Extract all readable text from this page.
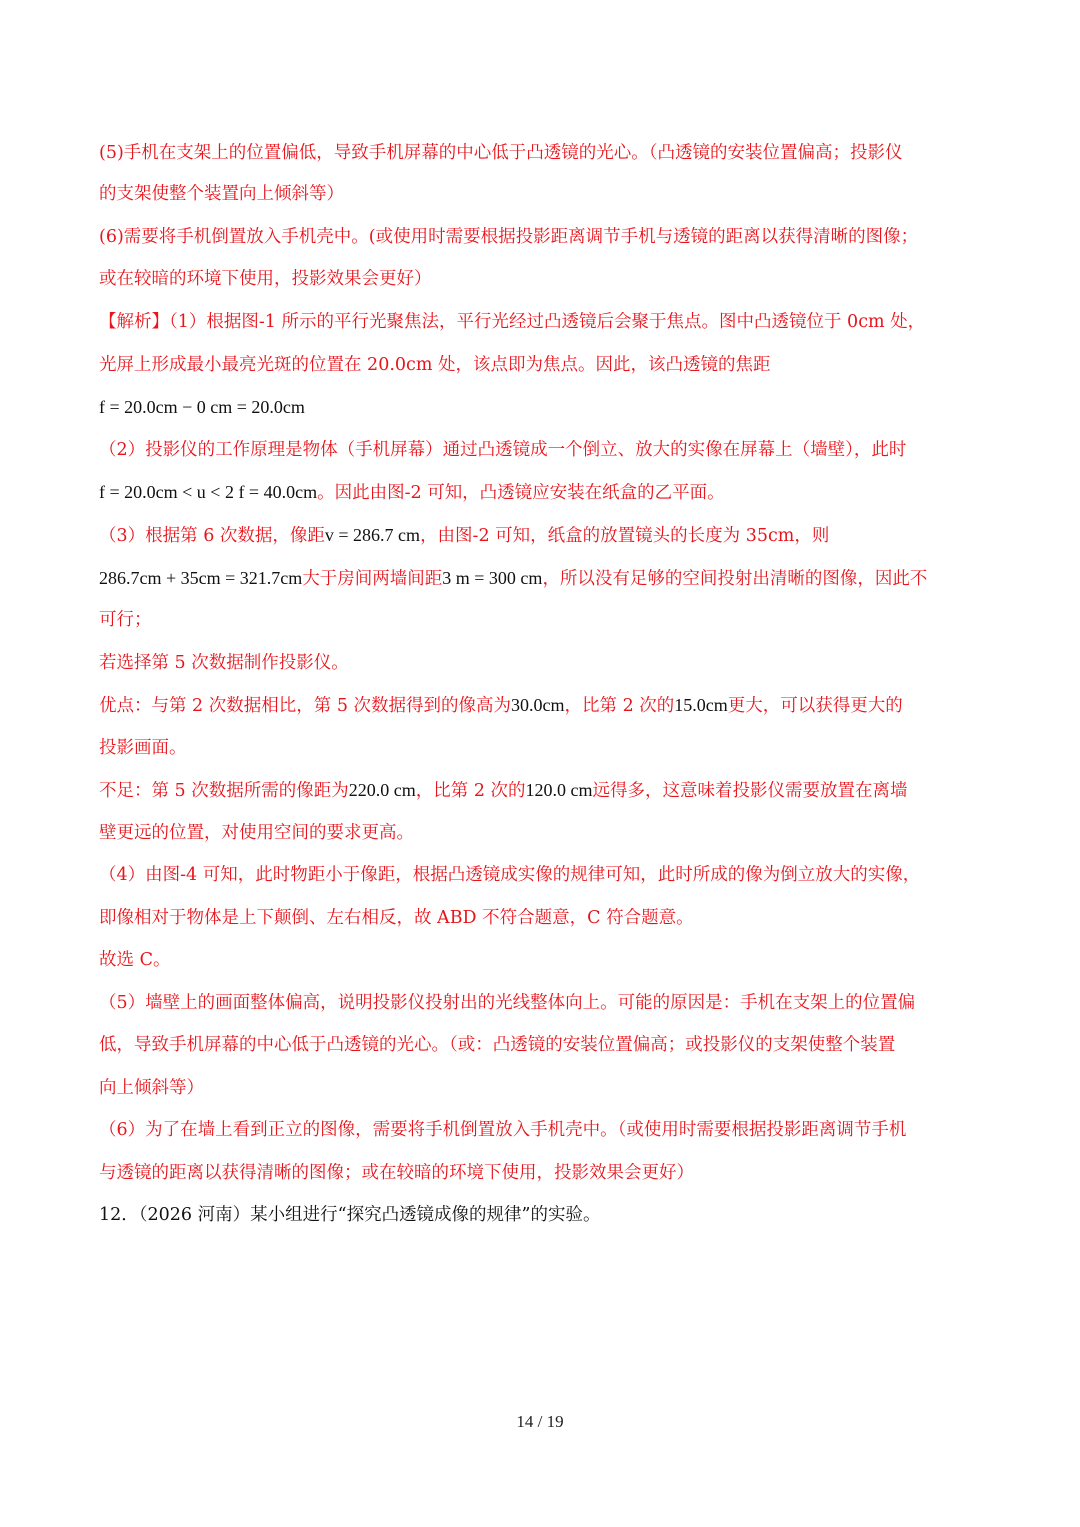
(5)手机在支架上的位置偏低，导致手机屏幕的中心低于凸透镜的光心。（凸透镜的安装位置偏高；投影仪
的支架使整个装置向上倾斜等）
(6)需要将手机倒置放入手机壳中。(或使用时需要根据投影距离调节手机与透镜的距离以获得清晰的图像；
或在较暗的环境下使用，投影效果会更好）
【解析】（1）根据图-1 所示的平行光聚焦法，平行光经过凸透镜后会聚于焦点。图中凸透镜位于 0cm 处，
光屏上形成最小最亮光斑的位置在 20.0cm 处，该点即为焦点。因此，该凸透镜的焦距
f = 20.0cm − 0 cm = 20.0cm
（2）投影仪的工作原理是物体（手机屏幕）通过凸透镜成一个倒立、放大的实像在屏幕上（墙壁），此时
f = 20.0cm < u < 2 f = 40.0cm。因此由图-2 可知，凸透镜应安装在纸盒的乙平面。
（3）根据第 6 次数据，像距v = 286.7 cm，由图-2 可知，纸盒的放置镜头的长度为 35cm，则
286.7cm + 35cm = 321.7cm大于房间两墙间距3 m = 300 cm，所以没有足够的空间投射出清晰的图像，因此不
可行；
若选择第 5 次数据制作投影仪。
优点：与第 2 次数据相比，第 5 次数据得到的像高为30.0cm，比第 2 次的15.0cm更大，可以获得更大的
投影画面。
不足：第 5 次数据所需的像距为220.0 cm，比第 2 次的120.0 cm远得多，这意味着投影仪需要放置在离墙
壁更远的位置，对使用空间的要求更高。
（4）由图-4 可知，此时物距小于像距，根据凸透镜成实像的规律可知，此时所成的像为倒立放大的实像，
即像相对于物体是上下颠倒、左右相反，故 ABD 不符合题意，C 符合题意。
故选 C。
（5）墙壁上的画面整体偏高，说明投影仪投射出的光线整体向上。可能的原因是：手机在支架上的位置偏
低，导致手机屏幕的中心低于凸透镜的光心。（或：凸透镜的安装位置偏高；或投影仪的支架使整个装置
向上倾斜等）
（6）为了在墙上看到正立的图像，需要将手机倒置放入手机壳中。（或使用时需要根据投影距离调节手机
与透镜的距离以获得清晰的图像；或在较暗的环境下使用，投影效果会更好）
12．（2026 河南）某小组进行“探究凸透镜成像的规律”的实验。
14 / 19
